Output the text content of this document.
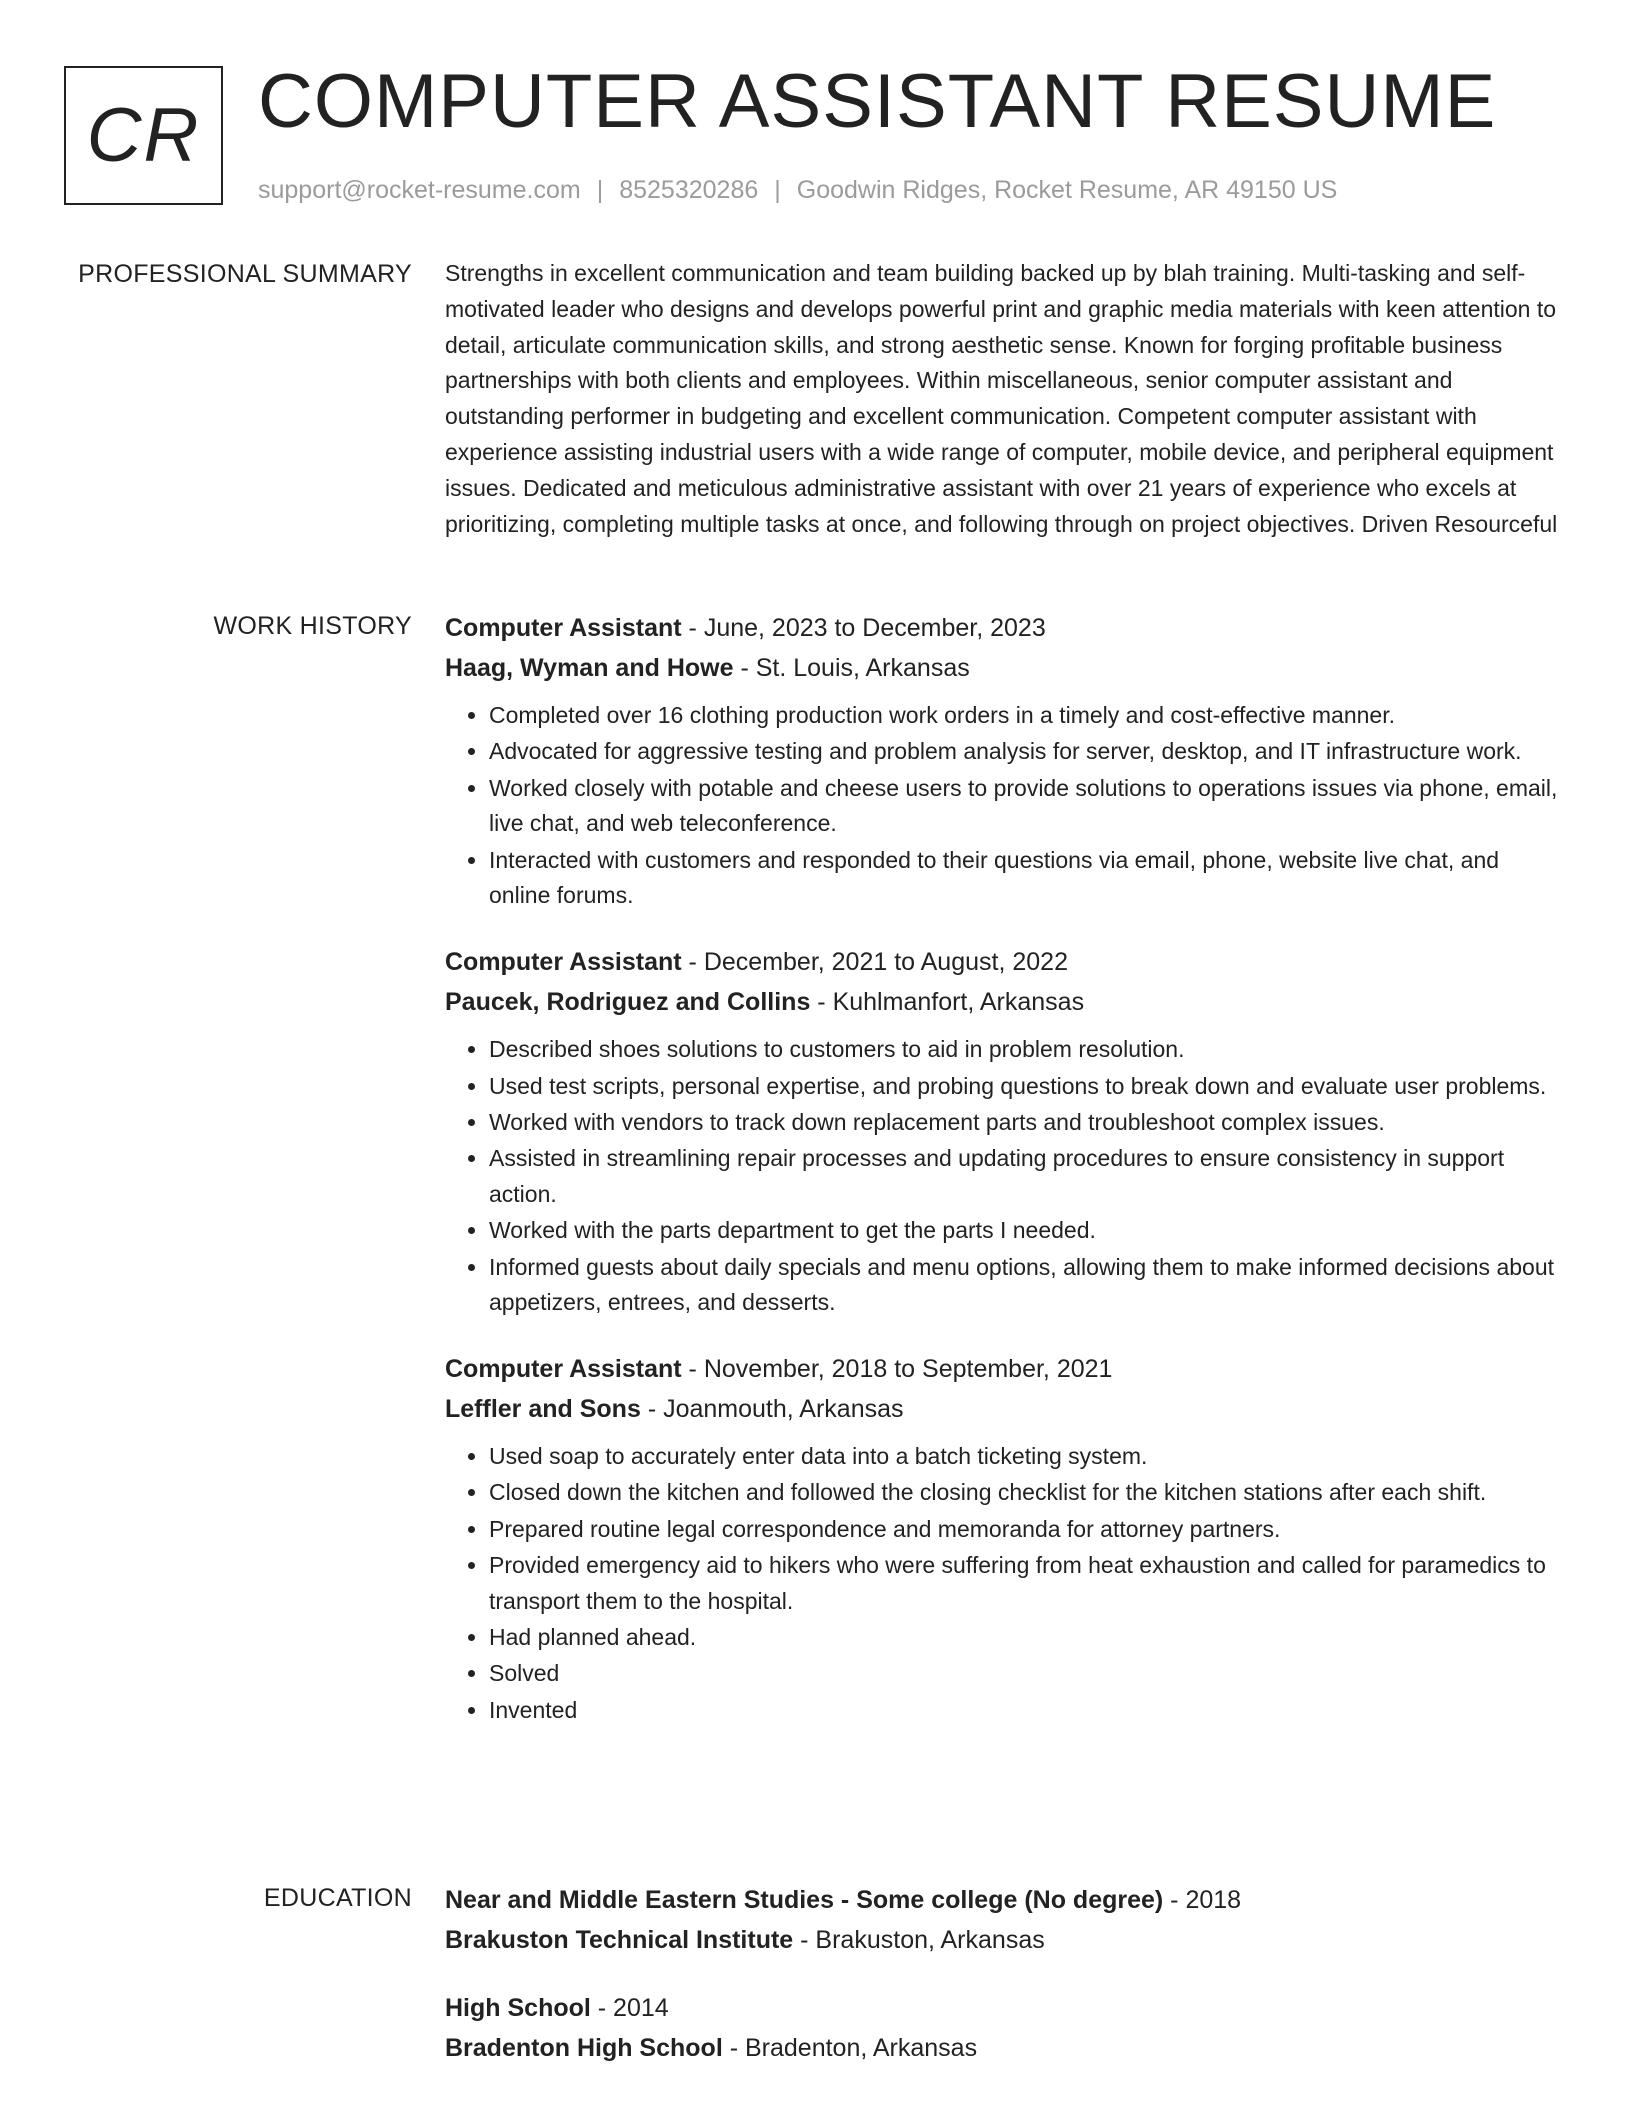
CR COMPUTER ASSISTANT RESUME
support@rocket-resume.com | 8525320286 | Goodwin Ridges, Rocket Resume, AR 49150 US
PROFESSIONAL SUMMARY Strengths in excellent communication and team building backed up by blah training. Multi-tasking and self-motivated leader who designs and develops powerful print and graphic media materials with keen attention to detail, articulate communication skills, and strong aesthetic sense. Known for forging profitable business partnerships with both clients and employees. Within miscellaneous, senior computer assistant and outstanding performer in budgeting and excellent communication. Competent computer assistant with experience assisting industrial users with a wide range of computer, mobile device, and peripheral equipment issues. Dedicated and meticulous administrative assistant with over 21 years of experience who excels at prioritizing, completing multiple tasks at once, and following through on project objectives. Driven Resourceful

WORK HISTORY Computer Assistant - June, 2023 to December, 2023
Haag, Wyman and Howe - St. Louis, Arkansas
• Completed over 16 clothing production work orders in a timely and cost-effective manner.
• Advocated for aggressive testing and problem analysis for server, desktop, and IT infrastructure work.
• Worked closely with potable and cheese users to provide solutions to operations issues via phone, email, live chat, and web teleconference.
• Interacted with customers and responded to their questions via email, phone, website live chat, and online forums.
Computer Assistant - December, 2021 to August, 2022
Paucek, Rodriguez and Collins - Kuhlmanfort, Arkansas
• Described shoes solutions to customers to aid in problem resolution.
• Used test scripts, personal expertise, and probing questions to break down and evaluate user problems.
• Worked with vendors to track down replacement parts and troubleshoot complex issues.
• Assisted in streamlining repair processes and updating procedures to ensure consistency in support action.
• Worked with the parts department to get the parts I needed.
• Informed guests about daily specials and menu options, allowing them to make informed decisions about appetizers, entrees, and desserts.
Computer Assistant - November, 2018 to September, 2021
Leffler and Sons - Joanmouth, Arkansas
• Used soap to accurately enter data into a batch ticketing system.
• Closed down the kitchen and followed the closing checklist for the kitchen stations after each shift.
• Prepared routine legal correspondence and memoranda for attorney partners.
• Provided emergency aid to hikers who were suffering from heat exhaustion and called for paramedics to transport them to the hospital.
• Had planned ahead.
• Solved
• Invented
EDUCATION Near and Middle Eastern Studies - Some college (No degree) - 2018
Brakuston Technical Institute - Brakuston, Arkansas
High School - 2014
Bradenton High School - Bradenton, Arkansas
